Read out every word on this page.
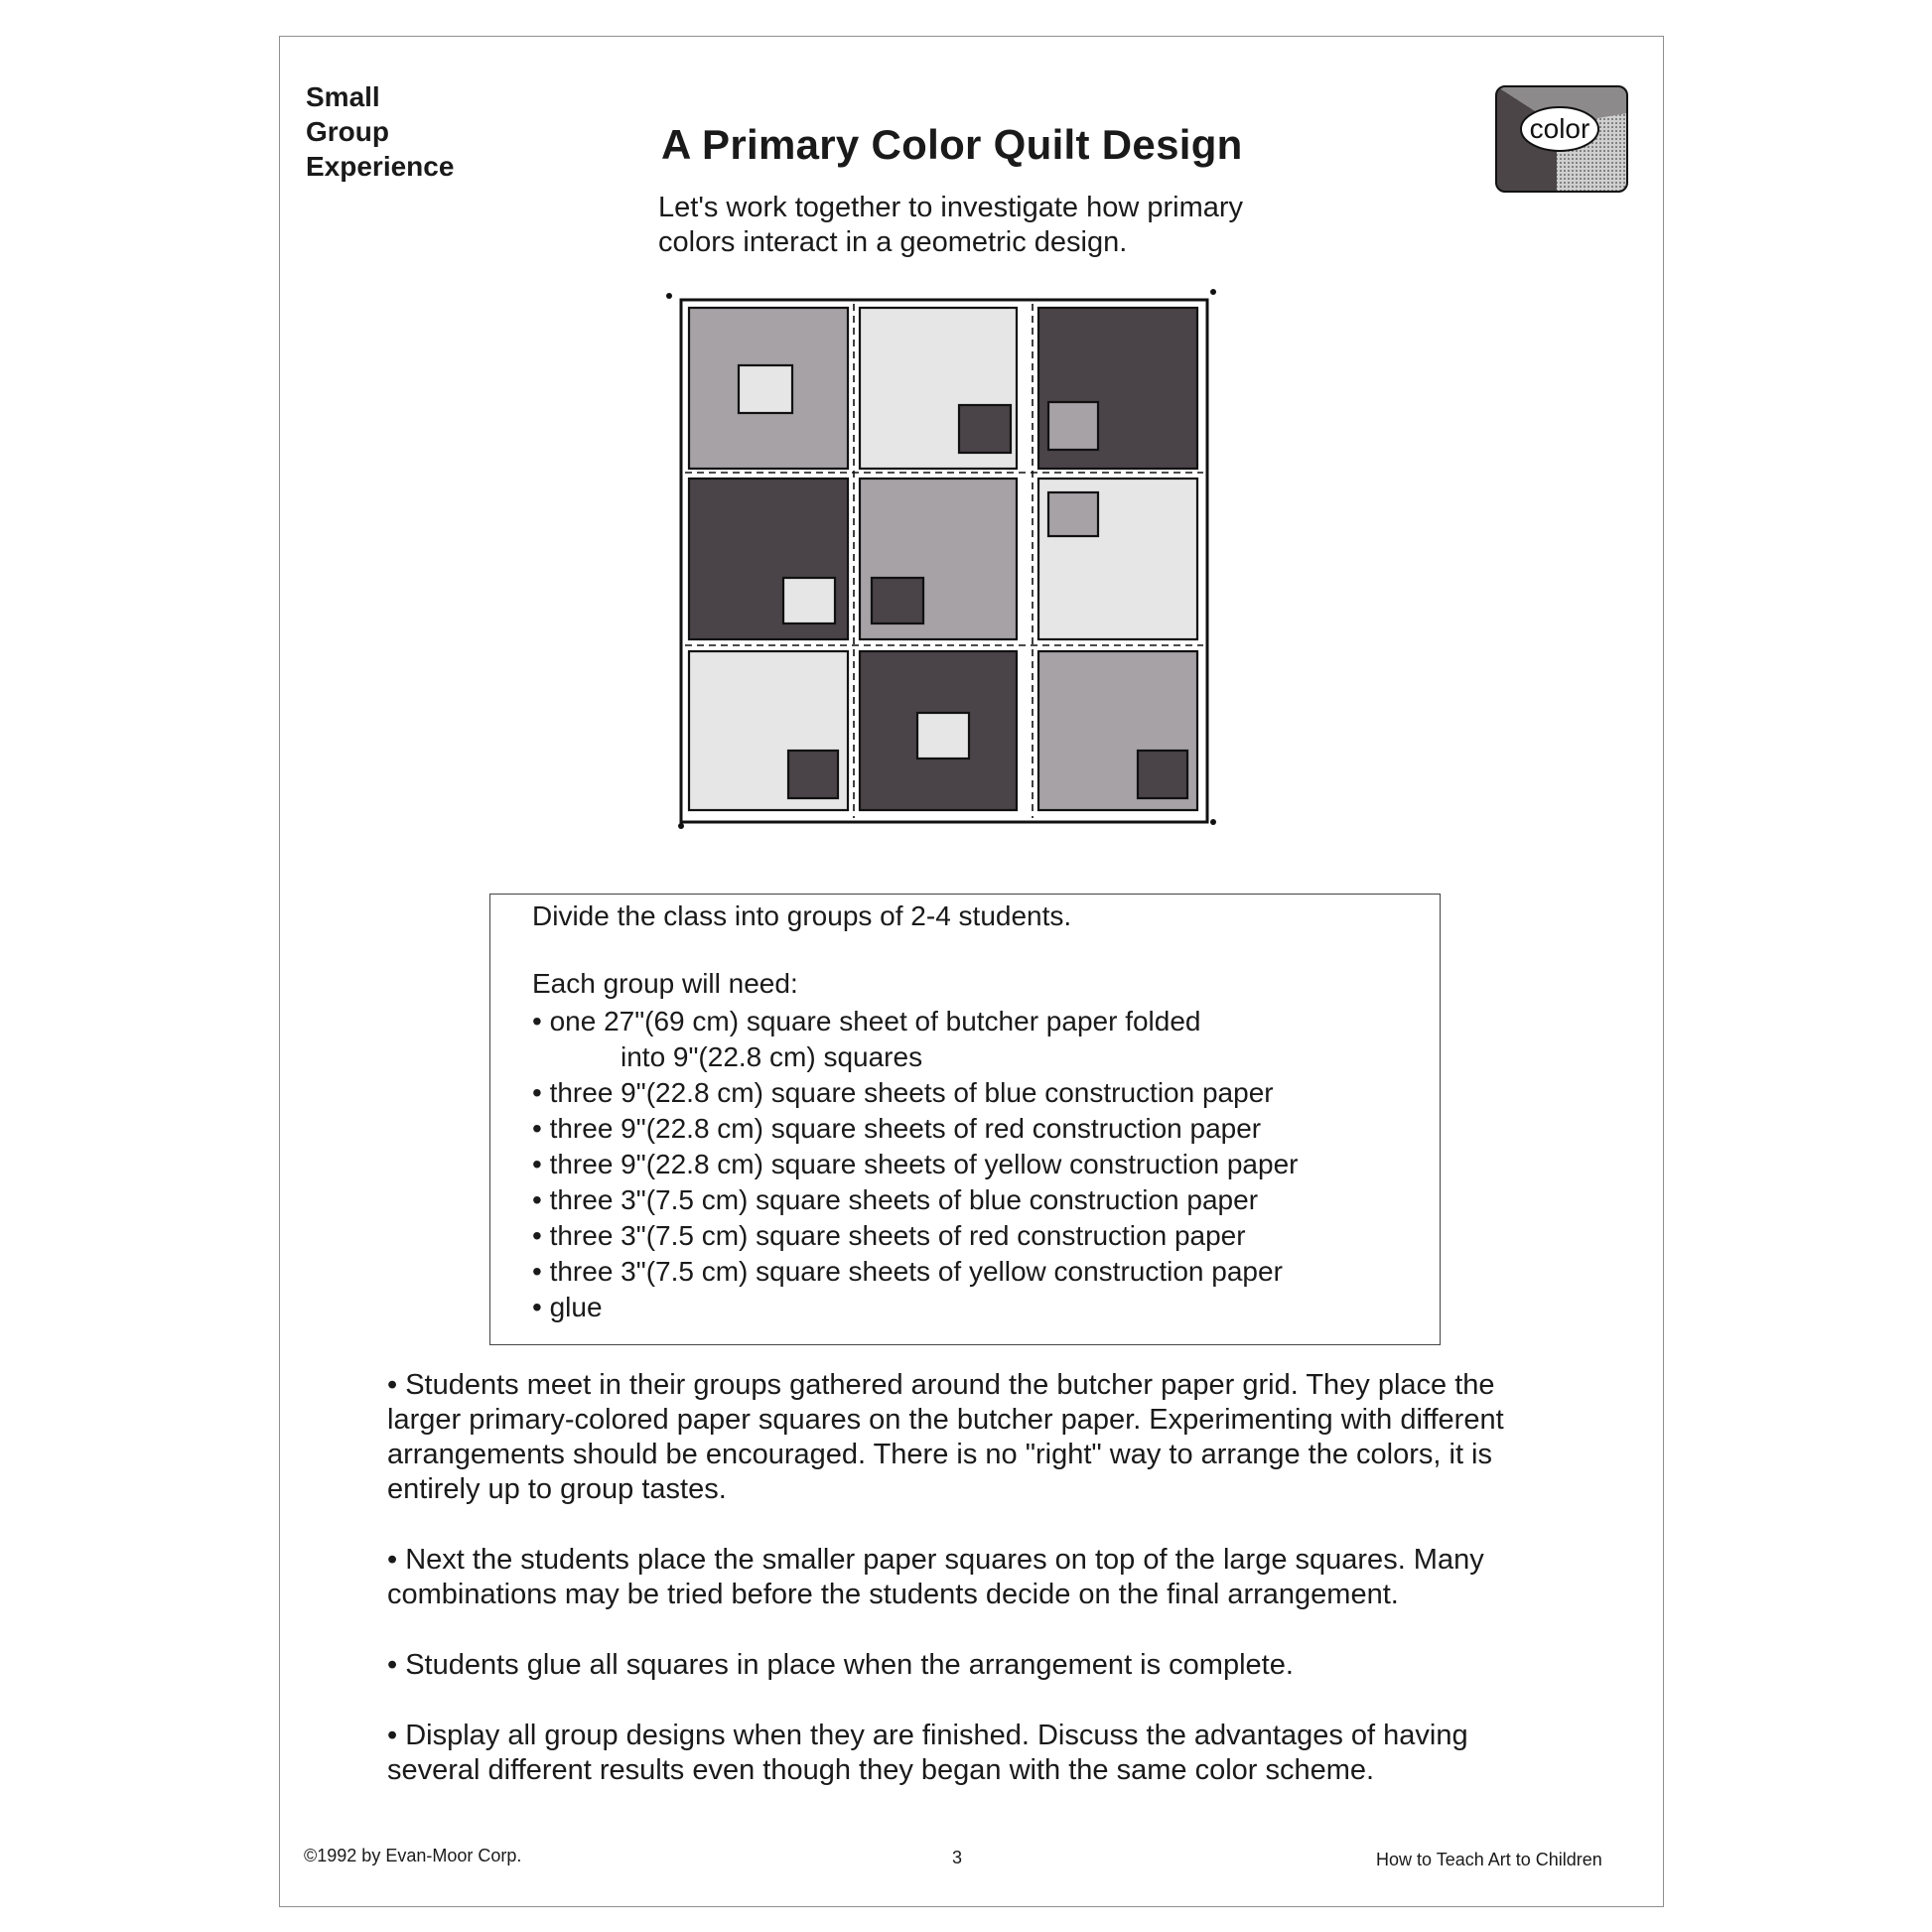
Small
Group
Experience	A Primary Color Quilt Design
Let's work together to investigate how primary
colors interact in a geometric design.
color
Divide the class into groups of 2-4 students.
Each group will need:
• one 27"(69 cm) square sheet of butcher paper folded
into 9"(22.8 cm) squares
• three 9"(22.8 cm) square sheets of blue construction paper
• three 9"(22.8 cm) square sheets of red construction paper
• three 9"(22.8 cm) square sheets of yellow construction paper
• three 3"(7.5 cm) square sheets of blue construction paper
• three 3"(7.5 cm) square sheets of red construction paper
• three 3"(7.5 cm) square sheets of yellow construction paper
• glue

• Students meet in their groups gathered around the butcher paper grid. They place the larger primary-colored paper squares on the butcher paper. Experimenting with different arrangements should be encouraged. There is no "right" way to arrange the colors, it is entirely up to group tastes.

• Next the students place the smaller paper squares on top of the large squares. Many combinations may be tried before the students decide on the final arrangement.

• Students glue all squares in place when the arrangement is complete.

• Display all group designs when they are finished. Discuss the advantages of having several different results even though they began with the same color scheme.

©1992 by Evan-Moor Corp.	3	How to Teach Art to Children
